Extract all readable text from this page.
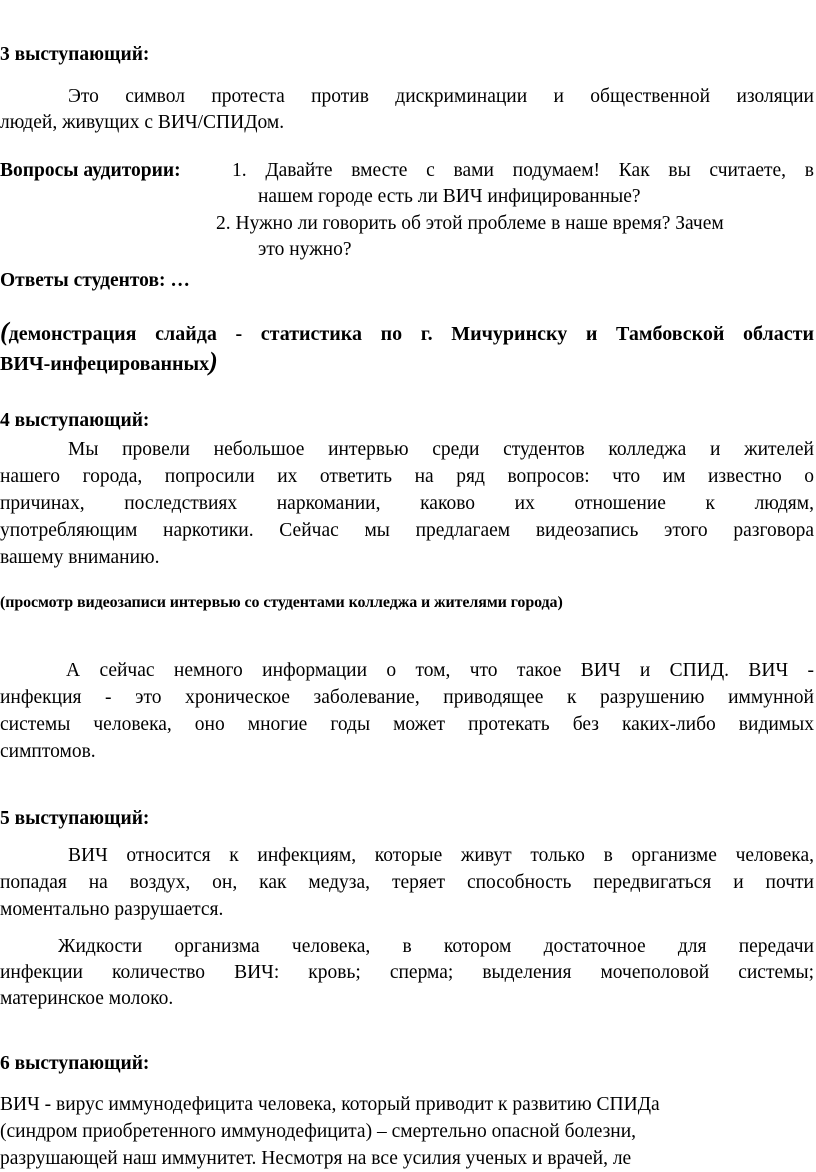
3 выступающий:
Это символ протеста против дискриминации и общественной изоляции
людей, живущих с ВИЧ/СПИДом.
Вопросы аудитории:	1. Давайте вместе с вами подумаем! Как вы считаете, в
нашем городе есть ли ВИЧ инфицированные?
2. Нужно ли говорить об этой проблеме в наше время? Зачем
это нужно?
Ответы студентов: …
(демонстрация слайда - статистика по г. Мичуринску и Тамбовской области
ВИЧ-инфецированных)
4 выступающий:
Мы провели небольшое интервью среди студентов колледжа и жителей
нашего города, попросили их ответить на ряд вопросов: что им известно о
причинах, последствиях наркомании, каково их отношение к людям,
употребляющим наркотики. Сейчас мы предлагаем видеозапись этого разговора
вашему вниманию.
(просмотр видеозаписи интервью со студентами колледжа и жителями города)
А сейчас немного информации о том, что такое ВИЧ и СПИД. ВИЧ -
инфекция - это хроническое заболевание, приводящее к разрушению иммунной
системы человека, оно многие годы может протекать без каких-либо видимых
симптомов.
5 выступающий:
ВИЧ относится к инфекциям, которые живут только в организме человека,
попадая на воздух, он, как медуза, теряет способность передвигаться и почти
моментально разрушается.
Жидкости организма человека, в котором достаточное для передачи
инфекции количество ВИЧ: кровь; сперма; выделения мочеполовой системы;
материнское молоко.
6 выступающий:
ВИЧ - вирус иммунодефицита человека, который приводит к развитию СПИДа
(синдром приобретенного иммунодефицита) – смертельно опасной болезни,
разрушающей наш иммунитет. Несмотря на все усилия ученых и врачей, ле
